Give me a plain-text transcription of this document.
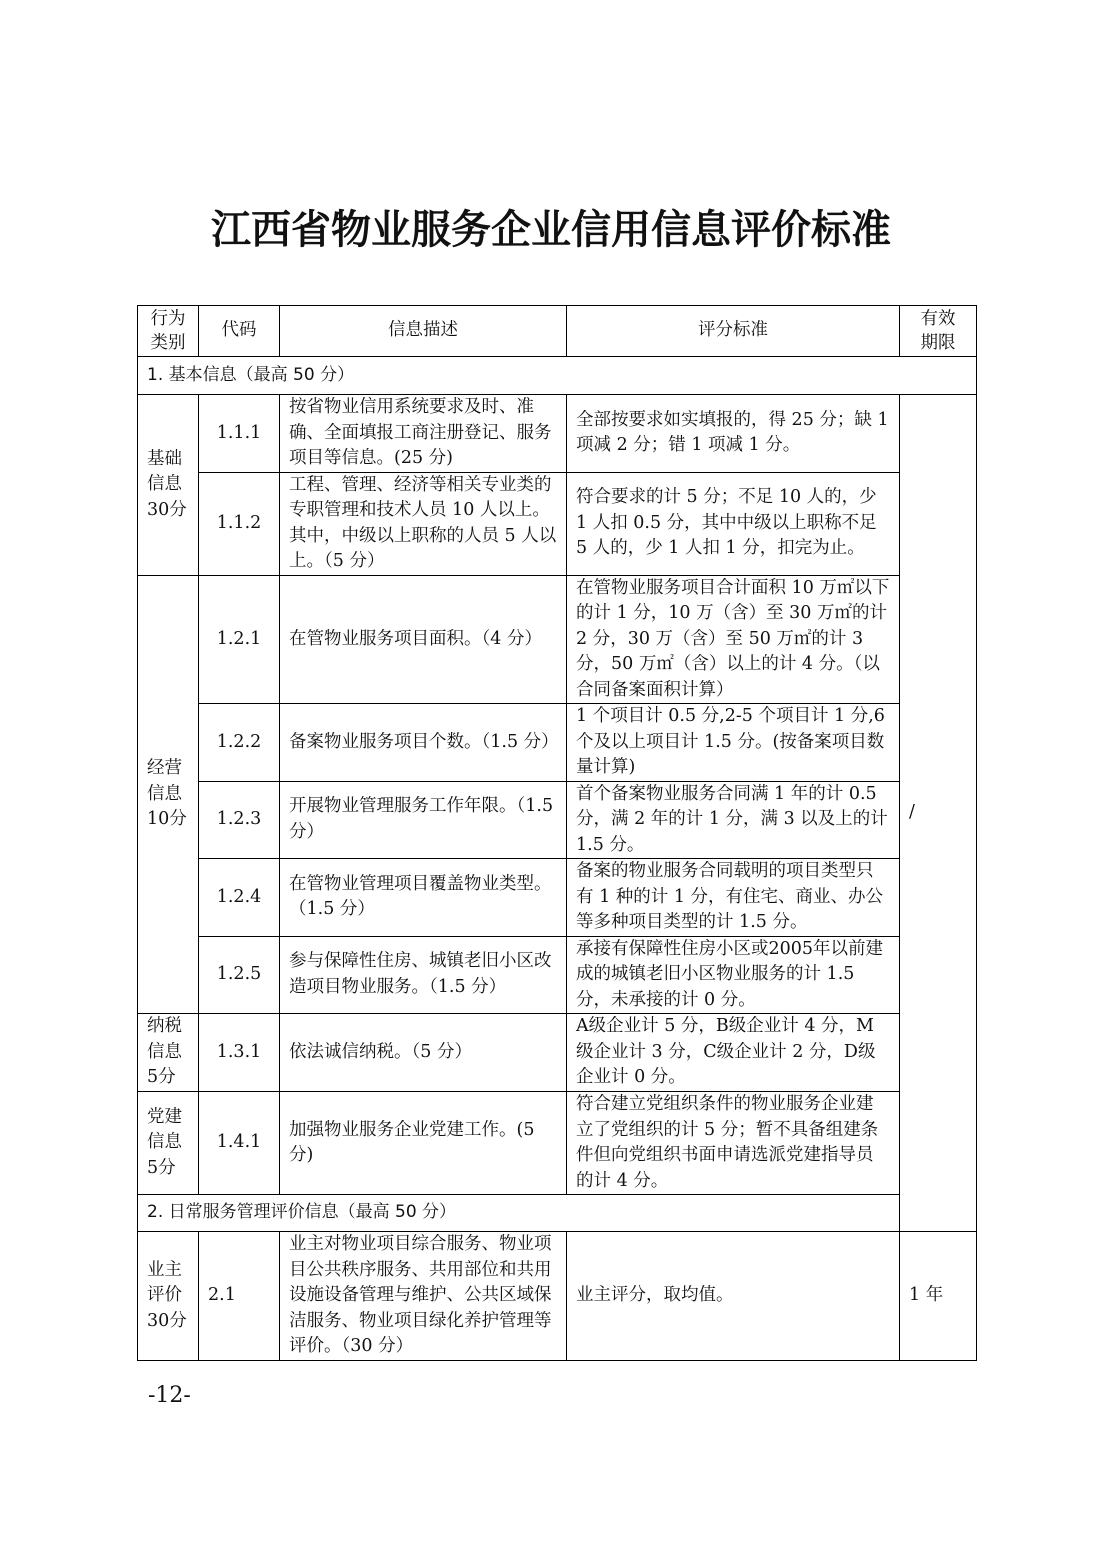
江西省物业服务企业信用信息评价标准
行为
类别	代码	信息描述	评分标准	有效
期限
1. 基本信息（最高 50 分）				
基础
信息
30分	1.1.1	按省物业信用系统要求及时、准确、全面填报工商注册登记、服务项目等信息。(25 分)	全部按要求如实填报的，得 25 分；缺 1 项减 2 分；错 1 项减 1 分。	/
	1.1.2	工程、管理、经济等相关专业类的专职管理和技术人员 10 人以上。其中，中级以上职称的人员 5 人以上。（5 分）	符合要求的计 5 分；不足 10 人的，少 1 人扣 0.5 分，其中中级以上职称不足 5 人的，少 1 人扣 1 分，扣完为止。	
经营
信息
10分	1.2.1	在管物业服务项目面积。（4 分）	在管物业服务项目合计面积 10 万㎡以下的计 1 分，10 万（含）至 30 万㎡的计 2 分，30 万（含）至 50 万㎡的计 3 分，50 万㎡（含）以上的计 4 分。（以合同备案面积计算）	
	1.2.2	备案物业服务项目个数。（1.5 分）	1 个项目计 0.5 分,2-5 个项目计 1 分,6 个及以上项目计 1.5 分。(按备案项目数量计算)	
	1.2.3	开展物业管理服务工作年限。（1.5 分）	首个备案物业服务合同满 1 年的计 0.5 分，满 2 年的计 1 分，满 3 以及上的计 1.5 分。	
	1.2.4	在管物业管理项目覆盖物业类型。（1.5 分）	备案的物业服务合同载明的项目类型只有 1 种的计 1 分，有住宅、商业、办公等多种项目类型的计 1.5 分。	
	1.2.5	参与保障性住房、城镇老旧小区改造项目物业服务。（1.5 分）	承接有保障性住房小区或2005年以前建成的城镇老旧小区物业服务的计 1.5 分，未承接的计 0 分。	
纳税
信息
5分	1.3.1	依法诚信纳税。（5 分）	A级企业计 5 分，B级企业计 4 分，M级企业计 3 分，C级企业计 2 分，D级企业计 0 分。	
党建
信息
5分	1.4.1	加强物业服务企业党建工作。(5 分)	符合建立党组织条件的物业服务企业建立了党组织的计 5 分；暂不具备组建条件但向党组织书面申请选派党建指导员的计 4 分。	
2. 日常服务管理评价信息（最高 50 分）				
业主
评价
30分	2.1	业主对物业项目综合服务、物业项目公共秩序服务、共用部位和共用设施设备管理与维护、公共区域保洁服务、物业项目绿化养护管理等评价。（30 分）	业主评分，取均值。	1 年
-12-
